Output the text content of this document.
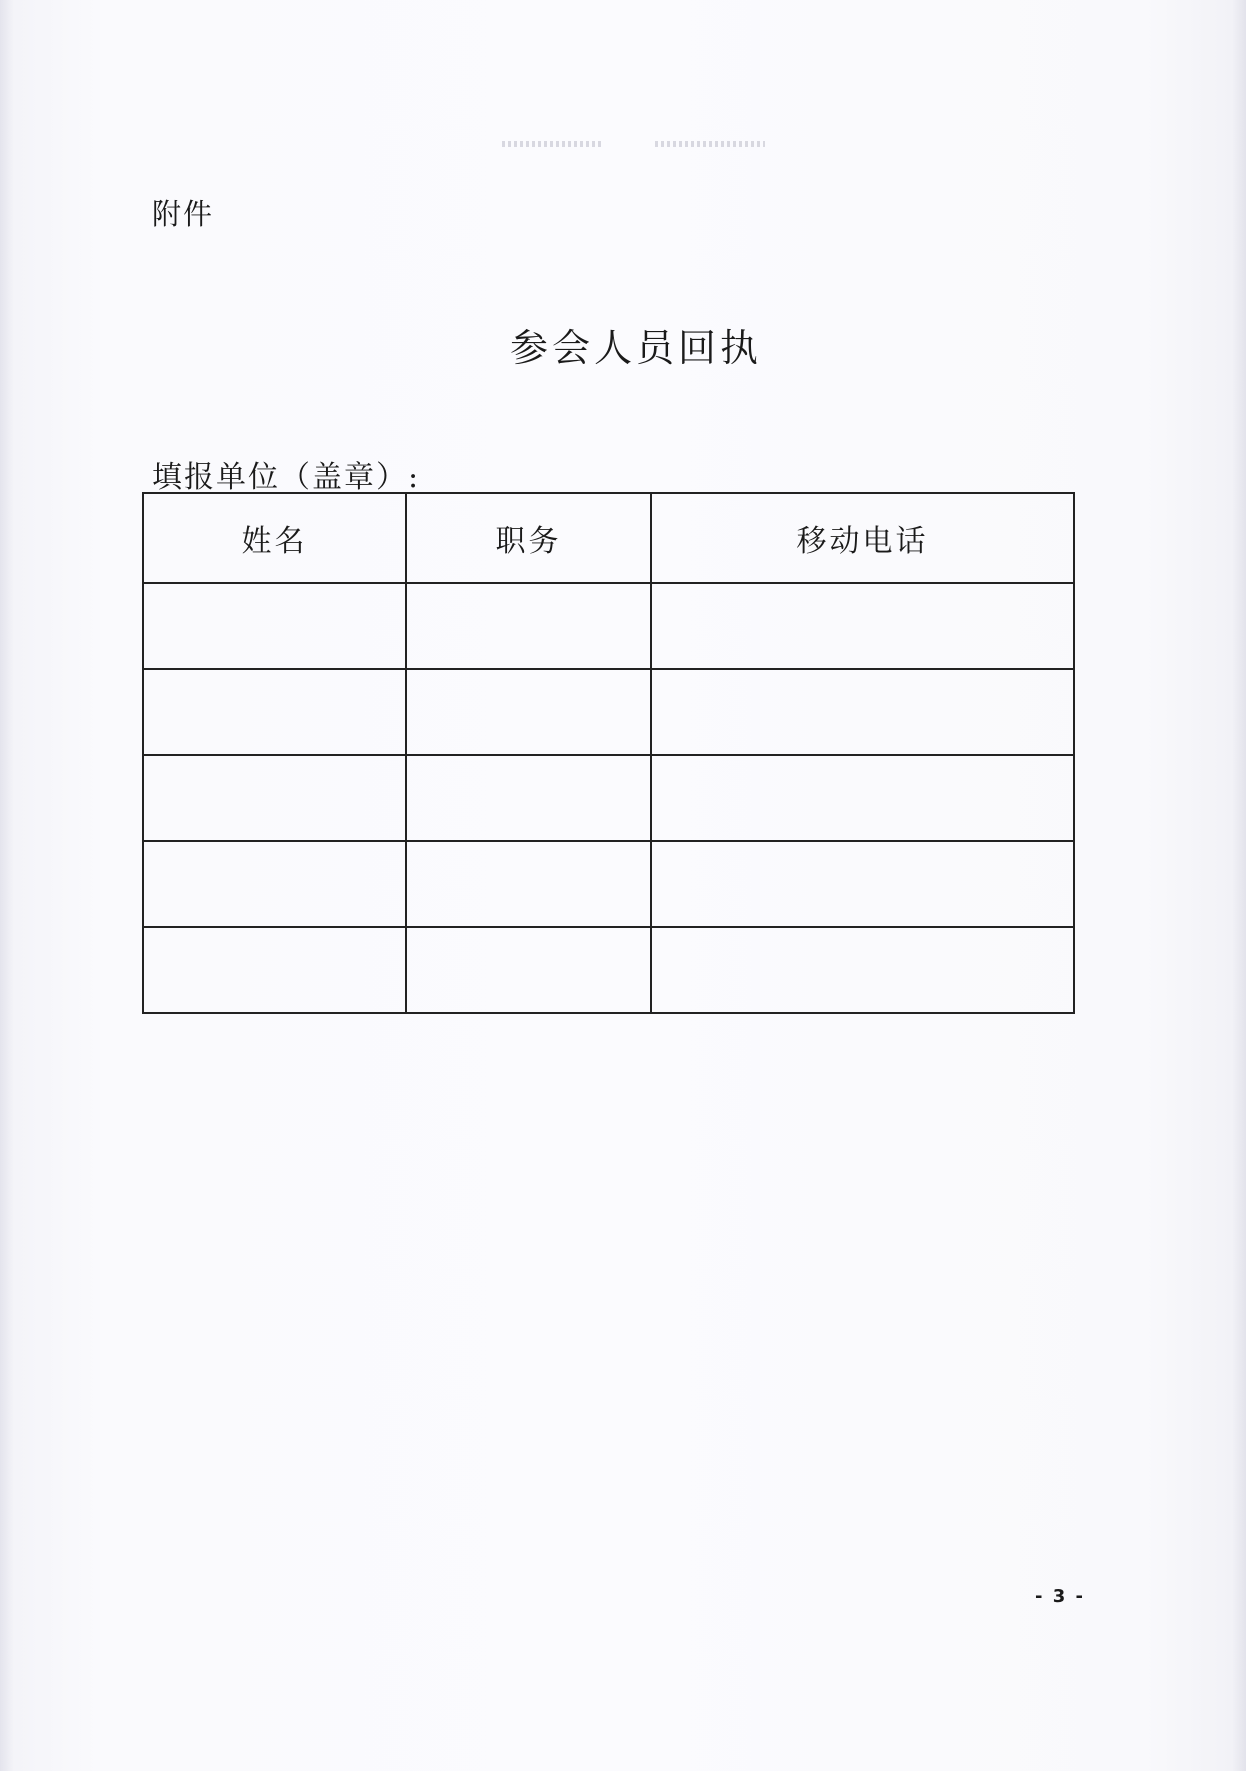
附件
参会人员回执
填报单位（盖章）:
姓名	职务	移动电话

- 3 -
